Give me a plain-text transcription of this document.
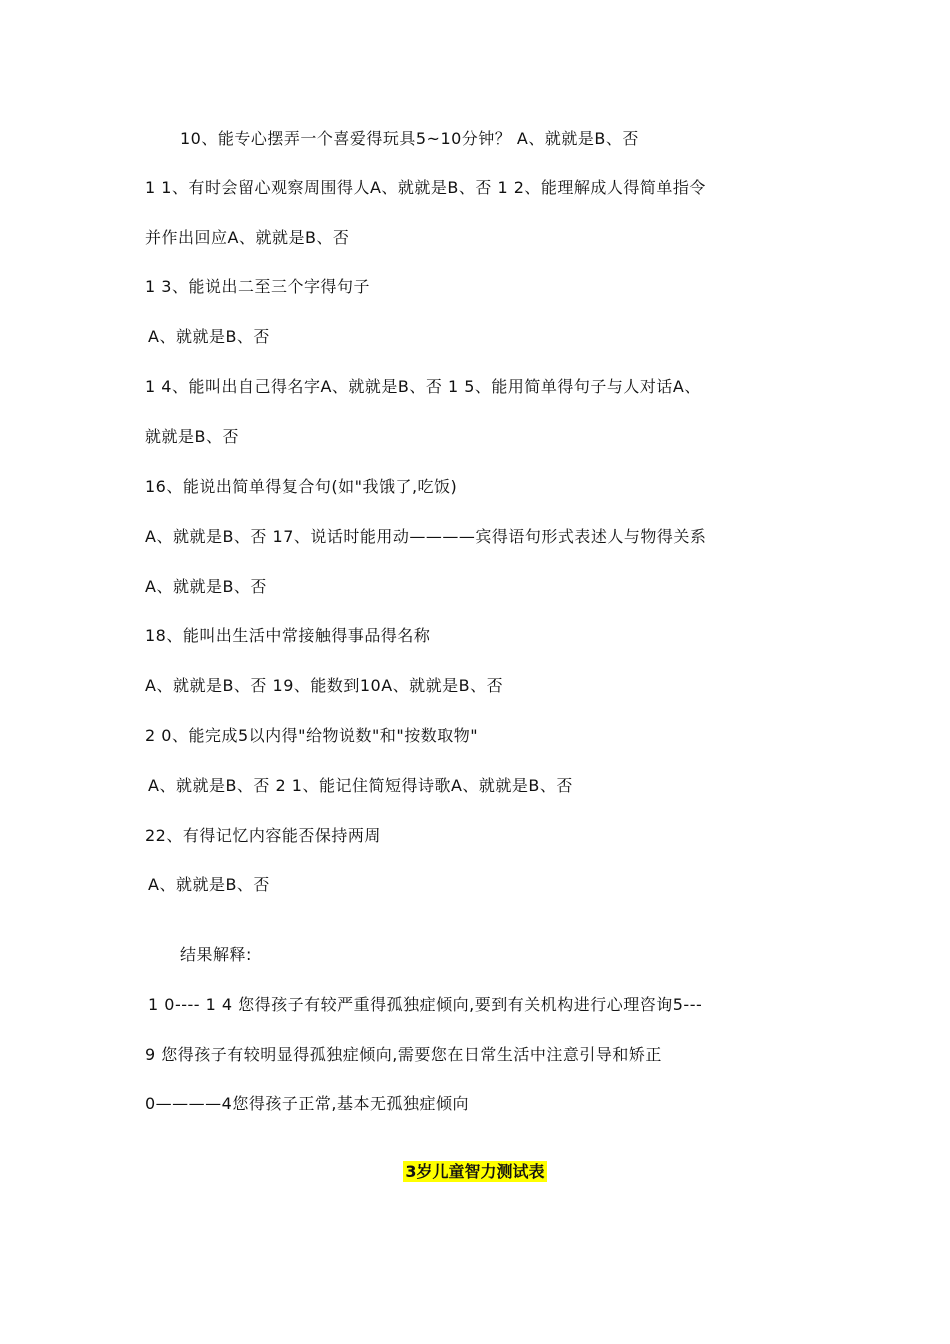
10、能专心摆弄一个喜爱得玩具5~10分钟？ A、就就是B、否
1 1、有时会留心观察周围得人A、就就是B、否 1 2、能理解成人得简单指令
并作出回应A、就就是B、否
1 3、能说出二至三个字得句子
A、就就是B、否
1 4、能叫出自己得名字A、就就是B、否 1 5、能用简单得句子与人对话A、
就就是B、否
16、能说出简单得复合句(如"我饿了,吃饭)
A、就就是B、否 17、说话时能用动————宾得语句形式表述人与物得关系
A、就就是B、否
18、能叫出生活中常接触得事品得名称
A、就就是B、否 19、能数到10A、就就是B、否
2 0、能完成5以内得"给物说数"和"按数取物"
A、就就是B、否 2 1、能记住简短得诗歌A、就就是B、否
22、有得记忆内容能否保持两周
A、就就是B、否
结果解释:
1 0---- 1 4 您得孩子有较严重得孤独症倾向,要到有关机构进行心理咨询5---
9 您得孩子有较明显得孤独症倾向,需要您在日常生活中注意引导和矫正
0————4您得孩子正常,基本无孤独症倾向
3岁儿童智力测试表
